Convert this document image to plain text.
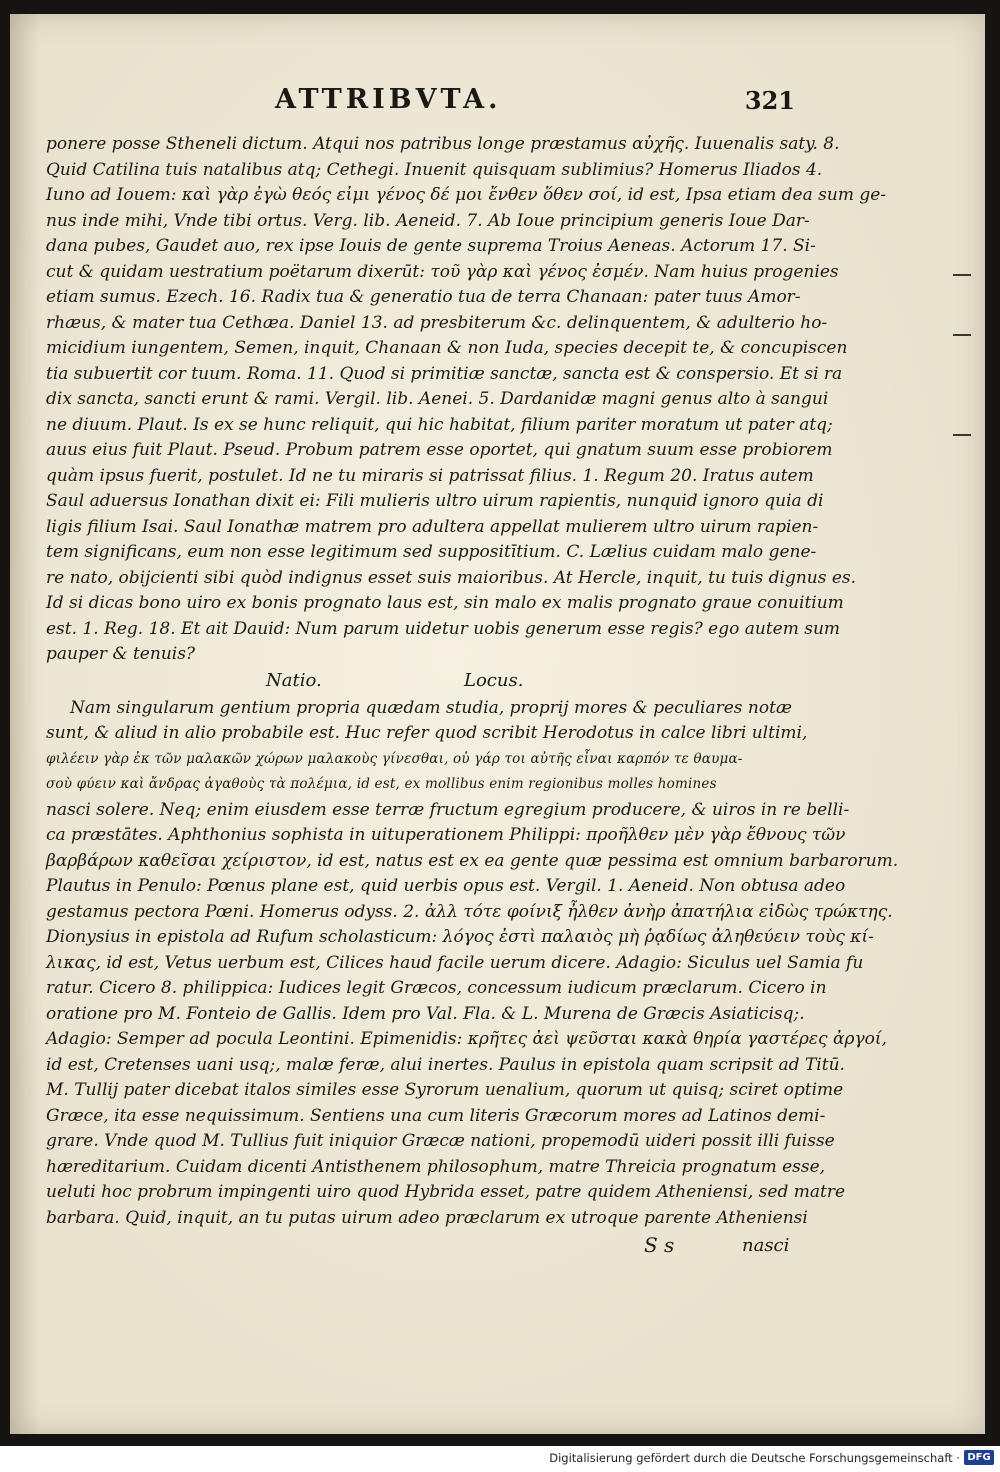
ATTRIBVTA.	321
ponere posse Stheneli dictum. Atqui nos patribus longe præstamus αὐχῆς. Iuuenalis saty. 8.
Quid Catilina tuis natalibus atq; Cethegi. Inuenit quisquam sublimius? Homerus Iliados 4.
Iuno ad Iouem: καὶ γὰρ ἐγὼ θεός εἰμι γένος δέ μοι ἔνθεν ὅθεν σοί, id est, Ipsa etiam dea sum ge-
nus inde mihi, Vnde tibi ortus. Verg. lib. Aeneid. 7. Ab Ioue principium generis Ioue Dar-
dana pubes, Gaudet auo, rex ipse Iouis de gente suprema Troius Aeneas. Actorum 17. Si-
cut & quidam uestratium poëtarum dixerūt: τοῦ γὰρ καὶ γένος ἐσμέν. Nam huius progenies
etiam sumus. Ezech. 16. Radix tua & generatio tua de terra Chanaan: pater tuus Amor-
rhæus, & mater tua Cethæa. Daniel 13. ad presbiterum &c. delinquentem, & adulterio ho-
micidium iungentem, Semen, inquit, Chanaan & non Iuda, species decepit te, & concupiscen
tia subuertit cor tuum. Roma. 11. Quod si primitiæ sanctæ, sancta est & conspersio. Et si ra
dix sancta, sancti erunt & rami. Vergil. lib. Aenei. 5. Dardanidæ magni genus alto à sangui
ne diuum. Plaut. Is ex se hunc reliquit, qui hic habitat, filium pariter moratum ut pater atq;
auus eius fuit Plaut. Pseud. Probum patrem esse oportet, qui gnatum suum esse probiorem
quàm ipsus fuerit, postulet. Id ne tu miraris si patrissat filius. 1. Regum 20. Iratus autem
Saul aduersus Ionathan dixit ei: Fili mulieris ultro uirum rapientis, nunquid ignoro quia di
ligis filium Isai. Saul Ionathæ matrem pro adultera appellat mulierem ultro uirum rapien-
tem significans, eum non esse legitimum sed suppositītium. C. Lælius cuidam malo gene-
re nato, obijcienti sibi quòd indignus esset suis maioribus. At Hercle, inquit, tu tuis dignus es.
Id si dicas bono uiro ex bonis prognato laus est, sin malo ex malis prognato graue conuitium
est. 1. Reg. 18. Et ait Dauid: Num parum uidetur uobis generum esse regis? ego autem sum
pauper & tenuis?
Natio.	Locus.
Nam singularum gentium propria quædam studia, proprij mores & peculiares notæ
sunt, & aliud in alio probabile est. Huc refer quod scribit Herodotus in calce libri ultimi,
φιλέειν γὰρ ἐκ τῶν μαλακῶν χώρων μαλακοὺς γίνεσθαι, οὐ γάρ τοι αὐτῆς εἶναι καρπόν τε θαυμα-
σοὺ φύειν καὶ ἄνδρας ἀγαθοὺς τὰ πολέμια, id est, ex mollibus enim regionibus molles homines
nasci solere. Neq; enim eiusdem esse terræ fructum egregium producere, & uiros in re belli-
ca præstātes. Aphthonius sophista in uituperationem Philippi: προῆλθεν μὲν γὰρ ἔθνους τῶν
βαρβάρων καθεῖσαι χείριστον, id est, natus est ex ea gente quæ pessima est omnium barbarorum.
Plautus in Penulo: Pœnus plane est, quid uerbis opus est. Vergil. 1. Aeneid. Non obtusa adeo
gestamus pectora Pœni. Homerus odyss. 2. ἀλλ τότε φοίνιξ ἦλθεν ἀνὴρ ἀπατήλια εἰδὼς τρώκτης.
Dionysius in epistola ad Rufum scholasticum: λόγος ἐστὶ παλαιὸς μὴ ῥᾳδίως ἀληθεύειν τοὺς κί-
λικας, id est, Vetus uerbum est, Cilices haud facile uerum dicere. Adagio: Siculus uel Samia fu
ratur. Cicero 8. philippica: Iudices legit Græcos, concessum iudicum præclarum. Cicero in
oratione pro M. Fonteio de Gallis. Idem pro Val. Fla. & L. Murena de Græcis Asiaticisq;.
Adagio: Semper ad pocula Leontini. Epimenidis: κρῆτες ἀεὶ ψεῦσται κακὰ θηρία γαστέρες ἀργοί,
id est, Cretenses uani usq;, malæ feræ, alui inertes. Paulus in epistola quam scripsit ad Titū.
M. Tullij pater dicebat italos similes esse Syrorum uenalium, quorum ut quisq; sciret optime
Græce, ita esse nequissimum. Sentiens una cum literis Græcorum mores ad Latinos demi-
grare. Vnde quod M. Tullius fuit iniquior Græcæ nationi, propemodū uideri possit illi fuisse
hæreditarium. Cuidam dicenti Antisthenem philosophum, matre Threicia prognatum esse,
ueluti hoc probrum impingenti uiro quod Hybrida esset, patre quidem Atheniensi, sed matre
barbara. Quid, inquit, an tu putas uirum adeo præclarum ex utroque parente Atheniensi
S s	nasci
Digitalisierung gefördert durch die Deutsche Forschungsgemeinschaft · DFG
